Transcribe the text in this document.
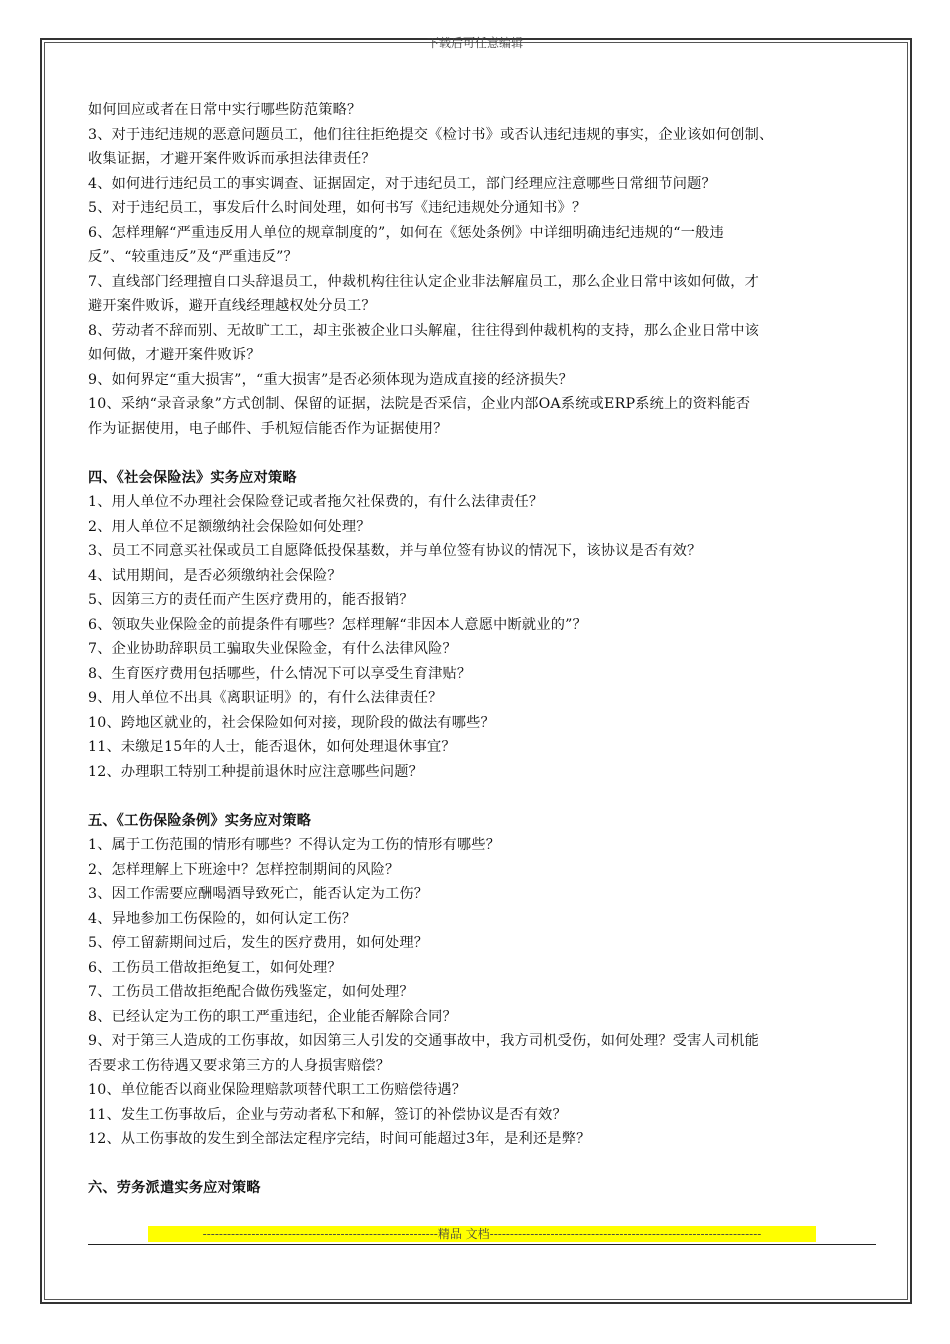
下载后可任意编辑
如何回应或者在日常中实行哪些防范策略？
3、对于违纪违规的恶意问题员工，他们往往拒绝提交《检讨书》或否认违纪违规的事实，企业该如何创制、
收集证据，才避开案件败诉而承担法律责任？
4、如何进行违纪员工的事实调查、证据固定，对于违纪员工，部门经理应注意哪些日常细节问题？
5、对于违纪员工，事发后什么时间处理，如何书写《违纪违规处分通知书》？
6、怎样理解“严重违反用人单位的规章制度的”，如何在《惩处条例》中详细明确违纪违规的“一般违
反”、“较重违反”及“严重违反”？
7、直线部门经理擅自口头辞退员工，仲裁机构往往认定企业非法解雇员工，那么企业日常中该如何做，才
避开案件败诉，避开直线经理越权处分员工？
8、劳动者不辞而别、无故旷工工，却主张被企业口头解雇，往往得到仲裁机构的支持，那么企业日常中该
如何做，才避开案件败诉？
9、如何界定“重大损害”，“重大损害”是否必须体现为造成直接的经济损失？
10、采纳“录音录象”方式创制、保留的证据，法院是否采信，企业内部OA系统或ERP系统上的资料能否
作为证据使用，电子邮件、手机短信能否作为证据使用？
四、《社会保险法》实务应对策略
1、用人单位不办理社会保险登记或者拖欠社保费的，有什么法律责任？
2、用人单位不足额缴纳社会保险如何处理？
3、员工不同意买社保或员工自愿降低投保基数，并与单位签有协议的情况下，该协议是否有效？
4、试用期间，是否必须缴纳社会保险？
5、因第三方的责任而产生医疗费用的，能否报销？
6、领取失业保险金的前提条件有哪些？怎样理解“非因本人意愿中断就业的”？
7、企业协助辞职员工骗取失业保险金，有什么法律风险？
8、生育医疗费用包括哪些，什么情况下可以享受生育津贴？
9、用人单位不出具《离职证明》的，有什么法律责任？
10、跨地区就业的，社会保险如何对接，现阶段的做法有哪些？
11、未缴足15年的人士，能否退休，如何处理退休事宜？
12、办理职工特别工种提前退休时应注意哪些问题？
五、《工伤保险条例》实务应对策略
1、属于工伤范围的情形有哪些？不得认定为工伤的情形有哪些？
2、怎样理解上下班途中？怎样控制期间的风险？
3、因工作需要应酬喝酒导致死亡，能否认定为工伤？
4、异地参加工伤保险的，如何认定工伤？
5、停工留薪期间过后，发生的医疗费用，如何处理？
6、工伤员工借故拒绝复工，如何处理？
7、工伤员工借故拒绝配合做伤残鉴定，如何处理？
8、已经认定为工伤的职工严重违纪，企业能否解除合同？
9、对于第三人造成的工伤事故，如因第三人引发的交通事故中，我方司机受伤，如何处理？受害人司机能
否要求工伤待遇又要求第三方的人身损害赔偿？
10、单位能否以商业保险理赔款项替代职工工伤赔偿待遇？
11、发生工伤事故后，企业与劳动者私下和解，签订的补偿协议是否有效？
12、从工伤事故的发生到全部法定程序完结，时间可能超过3年，是利还是弊？
六、劳务派遣实务应对策略
----------------------------------------------------------精品 文档-------------------------------------------------------------------
